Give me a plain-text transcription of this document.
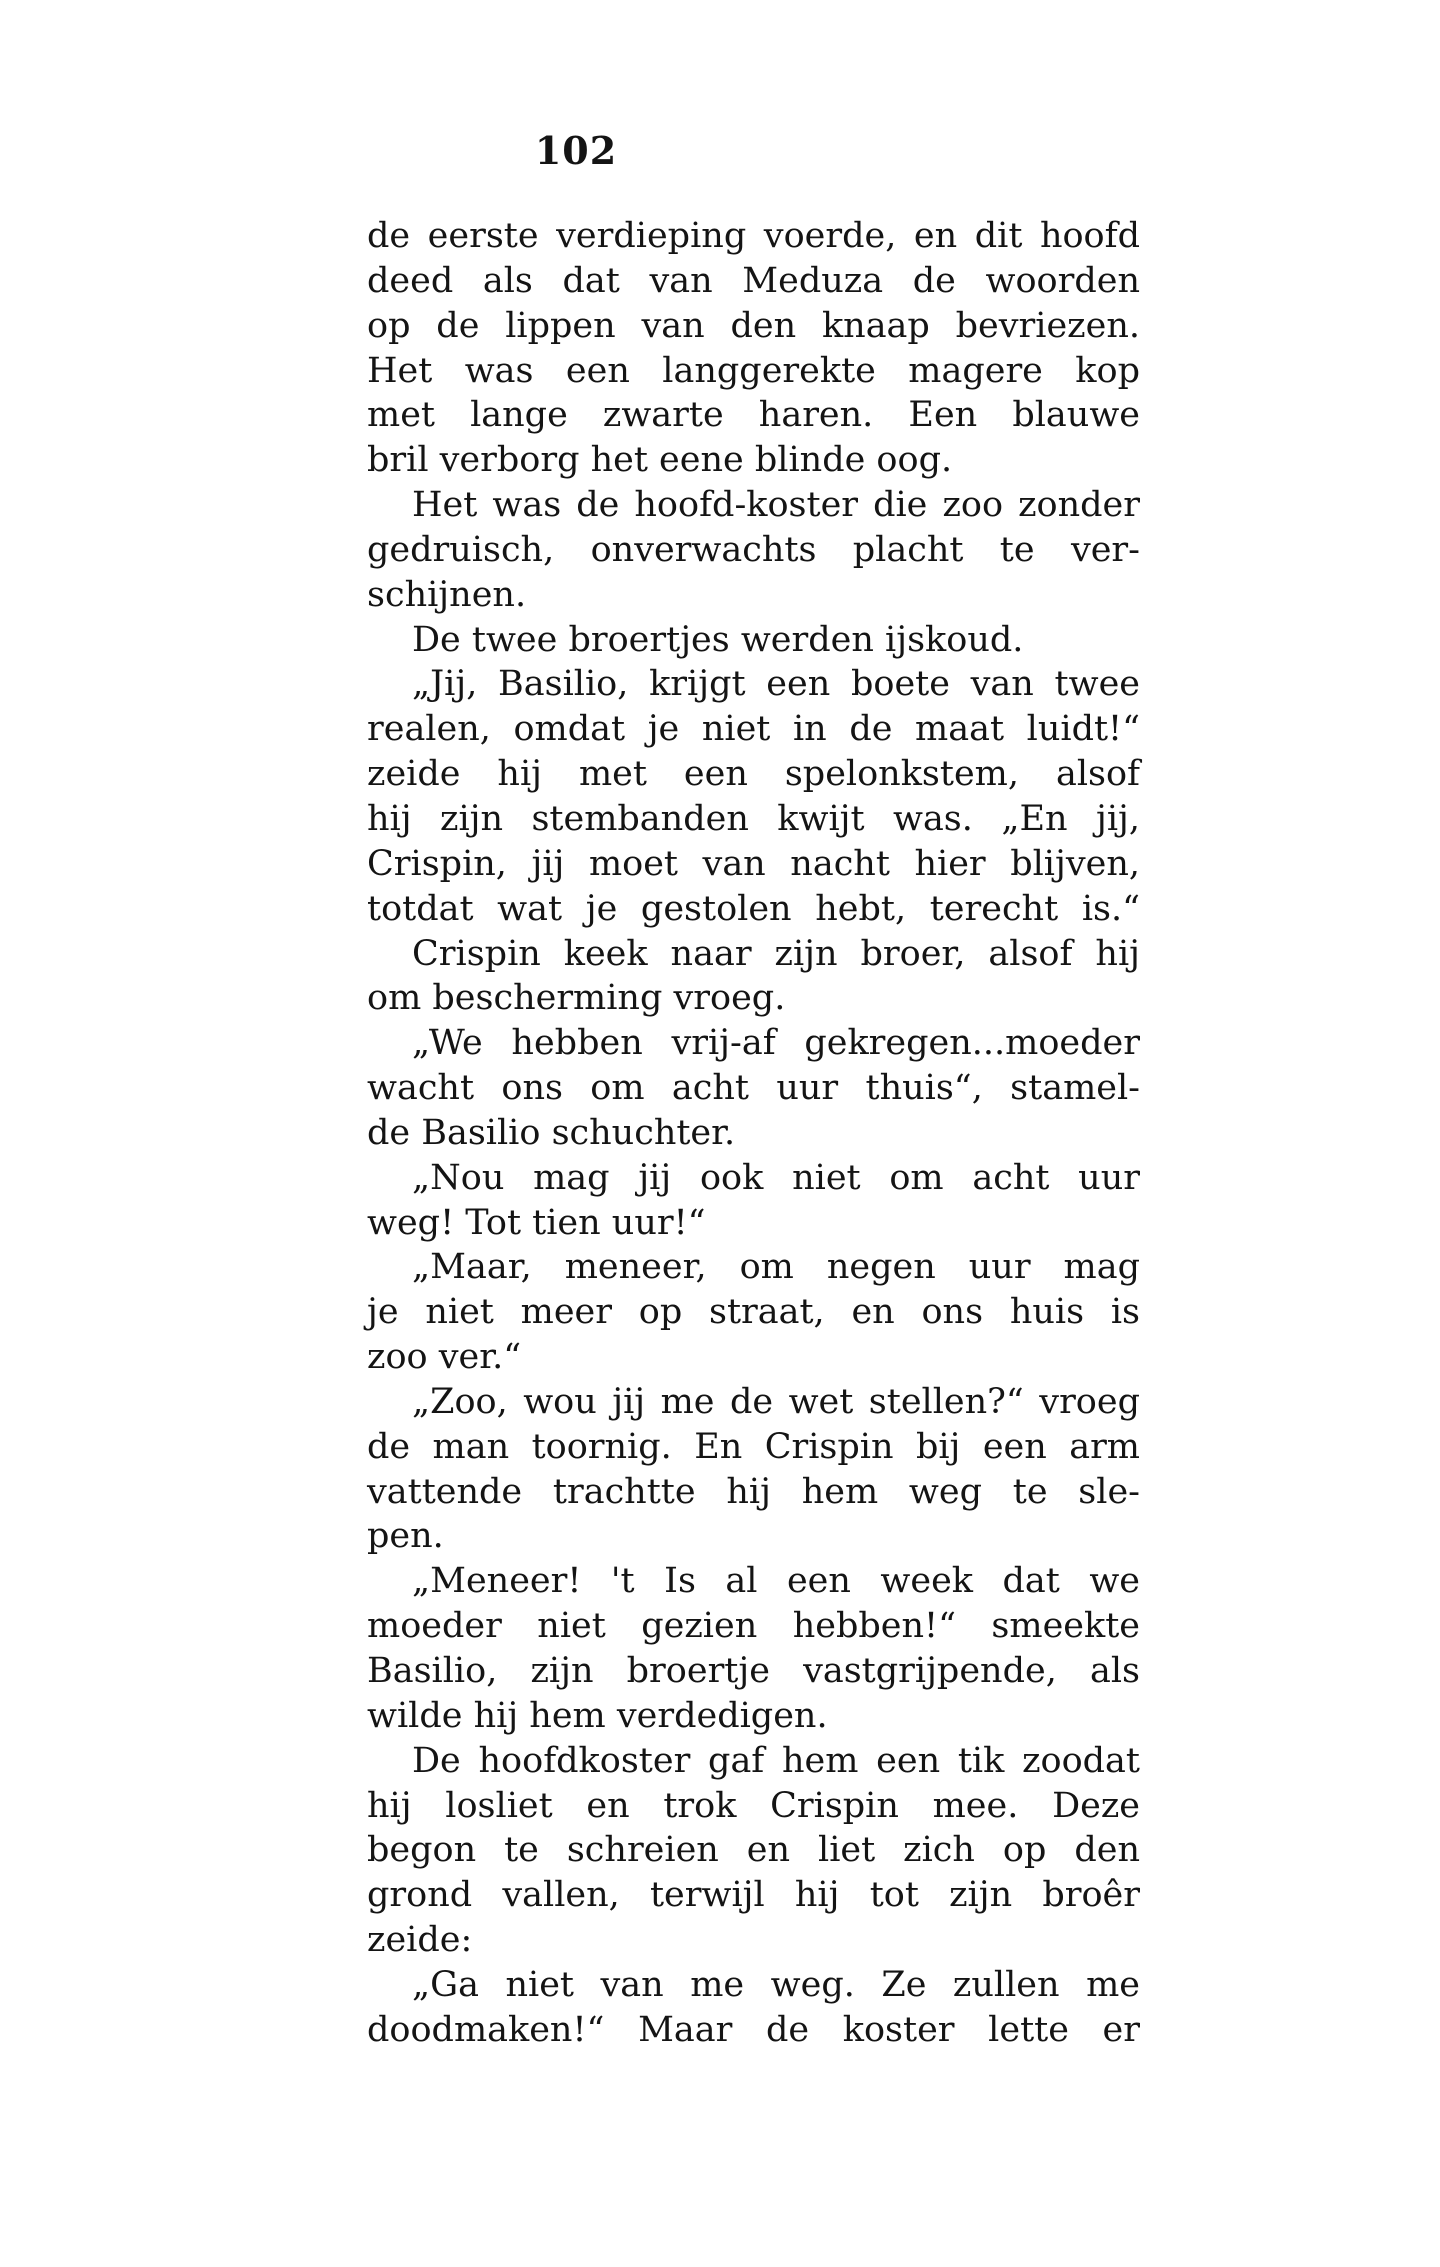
102
de eerste verdieping voerde, en dit hoofd
deed als dat van Meduza de woorden
op de lippen van den knaap bevriezen.
Het was een langgerekte magere kop
met lange zwarte haren. Een blauwe
bril verborg het eene blinde oog.
Het was de hoofd-koster die zoo zonder
gedruisch, onverwachts placht te ver-
schijnen.
De twee broertjes werden ijskoud.
„Jij, Basilio, krijgt een boete van twee
realen, omdat je niet in de maat luidt!“
zeide hij met een spelonkstem, alsof
hij zijn stembanden kwijt was. „En jij,
Crispin, jij moet van nacht hier blijven,
totdat wat je gestolen hebt, terecht is.“
Crispin keek naar zijn broer, alsof hij
om bescherming vroeg.
„We hebben vrij-af gekregen...moeder
wacht ons om acht uur thuis“, stamel-
de Basilio schuchter.
„Nou mag jij ook niet om acht uur
weg! Tot tien uur!“
„Maar, meneer, om negen uur mag
je niet meer op straat, en ons huis is
zoo ver.“
„Zoo, wou jij me de wet stellen?“ vroeg
de man toornig. En Crispin bij een arm
vattende trachtte hij hem weg te sle-
pen.
„Meneer! 't Is al een week dat we
moeder niet gezien hebben!“ smeekte
Basilio, zijn broertje vastgrijpende, als
wilde hij hem verdedigen.
De hoofdkoster gaf hem een tik zoodat
hij losliet en trok Crispin mee. Deze
begon te schreien en liet zich op den
grond vallen, terwijl hij tot zijn broêr
zeide:
„Ga niet van me weg. Ze zullen me
doodmaken!“ Maar de koster lette er
